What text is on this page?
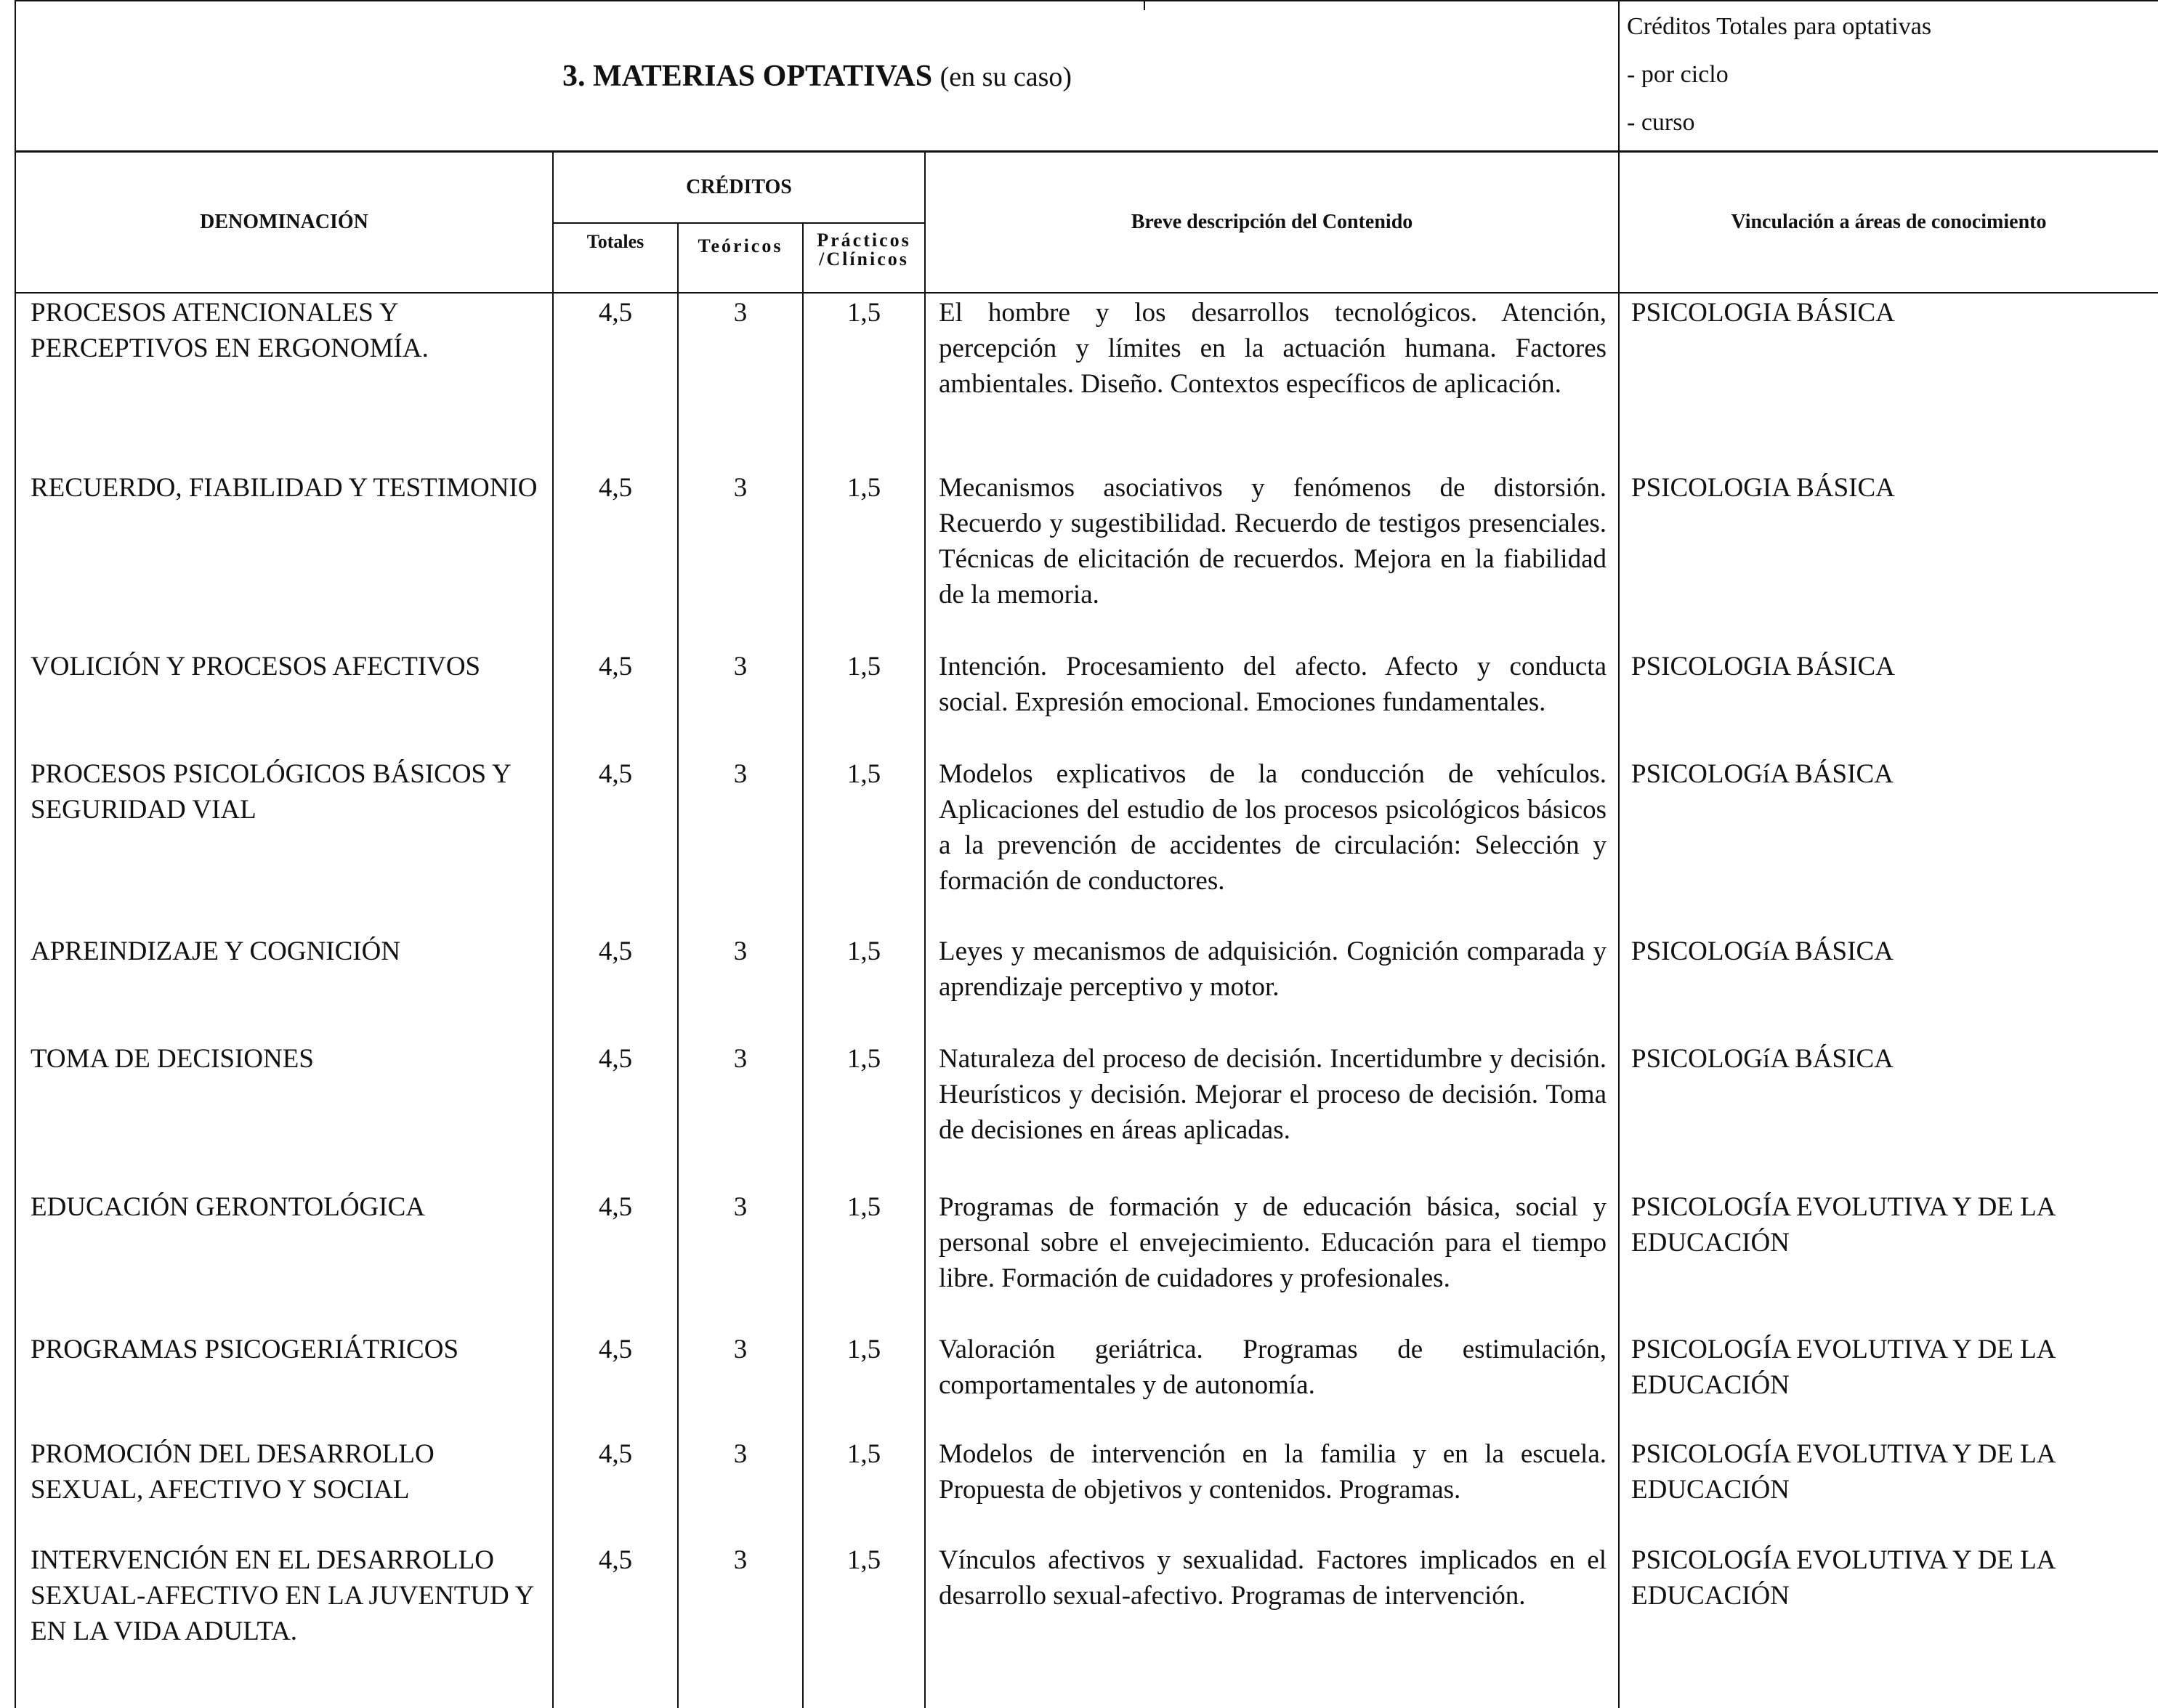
3. MATERIAS OPTATIVAS (en su caso)					Créditos Totales para optativas
- por ciclo
- curso

DENOMINACIÓN	CRÉDITOS			Breve descripción del Contenido	Vinculación a áreas de conocimiento
	Totales	Teóricos	Prácticos /Clínicos		
PROCESOS ATENCIONALES Y PERCEPTIVOS EN ERGONOMÍA.	4,5	3	1,5	El hombre y los desarrollos tecnológicos. Atención, percepción y límites en la actuación humana. Factores ambientales. Diseño. Contextos específicos de aplicación.	PSICOLOGIA BÁSICA
RECUERDO, FIABILIDAD Y TESTIMONIO	4,5	3	1,5	Mecanismos asociativos y fenómenos de distorsión. Recuerdo y sugestibilidad. Recuerdo de testigos presenciales. Técnicas de elicitación de recuerdos. Mejora en la fiabilidad de la memoria.	PSICOLOGIA BÁSICA
VOLICIÓN Y PROCESOS AFECTIVOS	4,5	3	1,5	Intención. Procesamiento del afecto. Afecto y conducta social. Expresión emocional. Emociones fundamentales.	PSICOLOGIA BÁSICA
PROCESOS PSICOLÓGICOS BÁSICOS Y SEGURIDAD VIAL	4,5	3	1,5	Modelos explicativos de la conducción de vehículos. Aplicaciones del estudio de los procesos psicológicos básicos a la prevención de accidentes de circulación: Selección y formación de conductores.	PSICOLOGíA BÁSICA
APREINDIZAJE Y COGNICIÓN	4,5	3	1,5	Leyes y mecanismos de adquisición. Cognición comparada y aprendizaje perceptivo y motor.	PSICOLOGíA BÁSICA
TOMA DE DECISIONES	4,5	3	1,5	Naturaleza del proceso de decisión. Incertidumbre y decisión. Heurísticos y decisión. Mejorar el proceso de decisión. Toma de decisiones en áreas aplicadas.	PSICOLOGíA BÁSICA
EDUCACIÓN GERONTOLÓGICA	4,5	3	1,5	Programas de formación y de educación básica, social y personal sobre el envejecimiento. Educación para el tiempo libre. Formación de cuidadores y profesionales.	PSICOLOGÍA EVOLUTIVA Y DE LA EDUCACIÓN
PROGRAMAS PSICOGERIÁTRICOS	4,5	3	1,5	Valoración geriátrica. Programas de estimulación, comportamentales y de autonomía.	PSICOLOGÍA EVOLUTIVA Y DE LA EDUCACIÓN
PROMOCIÓN DEL DESARROLLO SEXUAL, AFECTIVO Y SOCIAL	4,5	3	1,5	Modelos de intervención en la familia y en la escuela. Propuesta de objetivos y contenidos. Programas.	PSICOLOGÍA EVOLUTIVA Y DE LA EDUCACIÓN
INTERVENCIÓN EN EL DESARROLLO SEXUAL-AFECTIVO EN LA JUVENTUD Y EN LA VIDA ADULTA.	4,5	3	1,5	Vínculos afectivos y sexualidad. Factores implicados en el desarrollo sexual-afectivo. Programas de intervención.	PSICOLOGÍA EVOLUTIVA Y DE LA EDUCACIÓN
